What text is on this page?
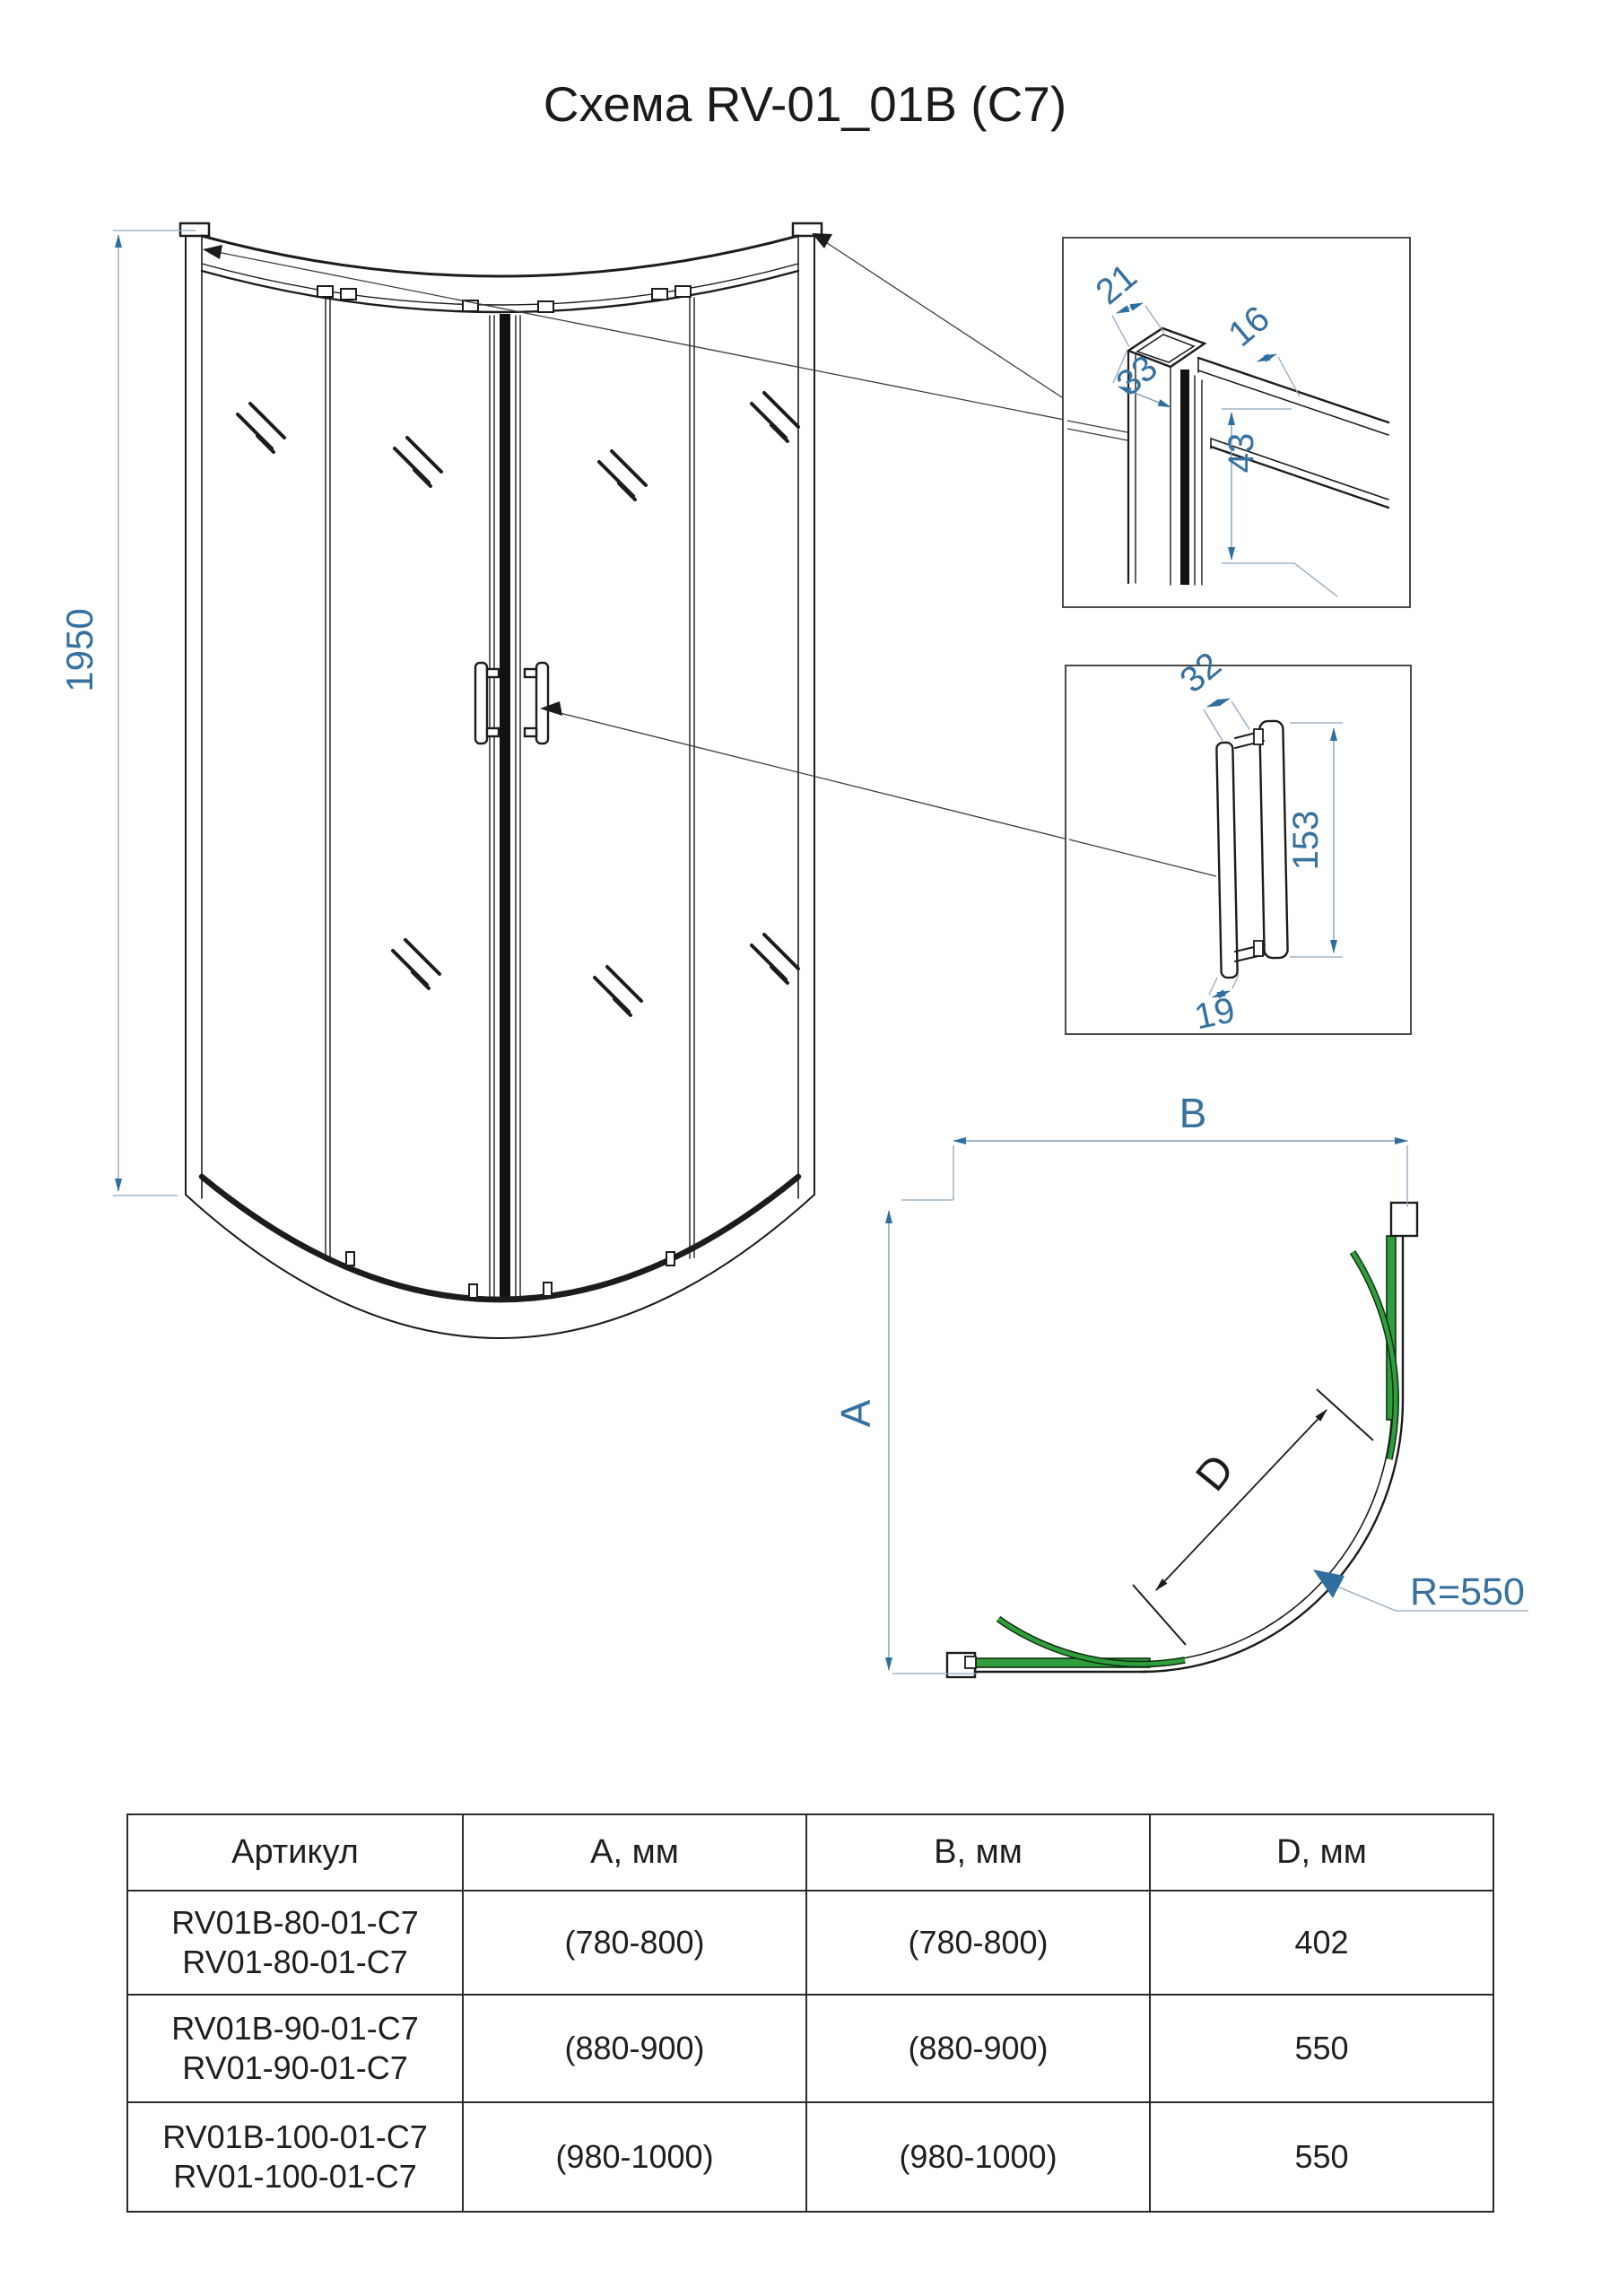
1950
21
33
16
43
32
153
19
B
A
D
R=550
Схема RV-01_01B (C7)
Артикул	A, мм	B, мм	D, мм

RV01B-80-01-C7
RV01-80-01-C7	(780-800)	(780-800)	402

RV01B-90-01-C7
RV01-90-01-C7	(880-900)	(880-900)	550

RV01B-100-01-C7
RV01-100-01-C7	(980-1000)	(980-1000)	550
